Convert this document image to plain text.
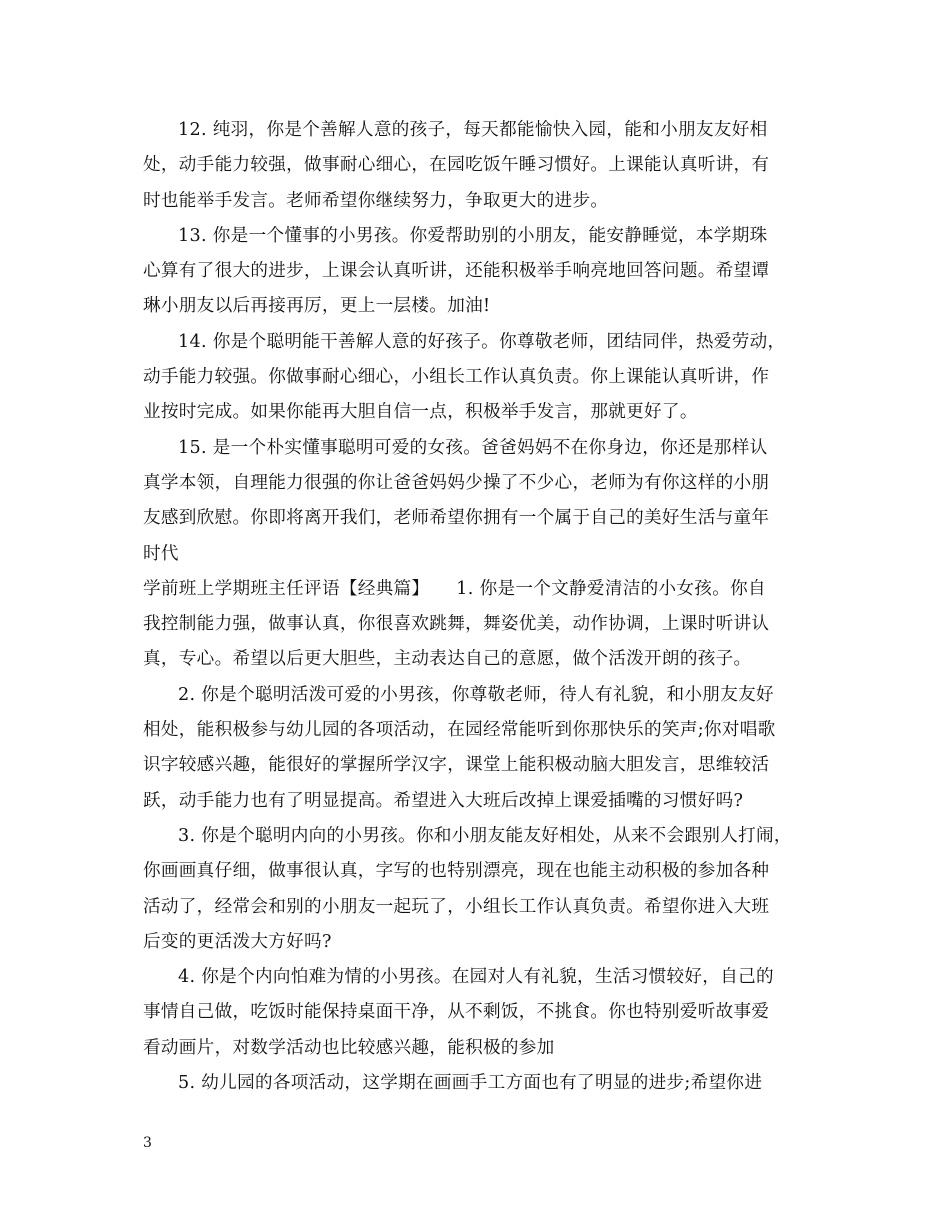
12. 纯羽，你是个善解人意的孩子，每天都能愉快入园，能和小朋友友好相
处，动手能力较强，做事耐心细心，在园吃饭午睡习惯好。上课能认真听讲，有
时也能举手发言。老师希望你继续努力，争取更大的进步。
13. 你是一个懂事的小男孩。你爱帮助别的小朋友，能安静睡觉，本学期珠
心算有了很大的进步，上课会认真听讲，还能积极举手响亮地回答问题。希望谭
琳小朋友以后再接再厉，更上一层楼。加油!
14. 你是个聪明能干善解人意的好孩子。你尊敬老师，团结同伴，热爱劳动，
动手能力较强。你做事耐心细心，小组长工作认真负责。你上课能认真听讲，作
业按时完成。如果你能再大胆自信一点，积极举手发言，那就更好了。
15. 是一个朴实懂事聪明可爱的女孩。爸爸妈妈不在你身边，你还是那样认
真学本领，自理能力很强的你让爸爸妈妈少操了不少心，老师为有你这样的小朋
友感到欣慰。你即将离开我们，老师希望你拥有一个属于自己的美好生活与童年
时代
学前班上学期班主任评语【经典篇】　　1. 你是一个文静爱清洁的小女孩。你自
我控制能力强，做事认真，你很喜欢跳舞，舞姿优美，动作协调，上课时听讲认
真，专心。希望以后更大胆些，主动表达自己的意愿，做个活泼开朗的孩子。
2. 你是个聪明活泼可爱的小男孩，你尊敬老师，待人有礼貌，和小朋友友好
相处，能积极参与幼儿园的各项活动，在园经常能听到你那快乐的笑声;你对唱歌
识字较感兴趣，能很好的掌握所学汉字，课堂上能积极动脑大胆发言，思维较活
跃，动手能力也有了明显提高。希望进入大班后改掉上课爱插嘴的习惯好吗?
3. 你是个聪明内向的小男孩。你和小朋友能友好相处，从来不会跟别人打闹，
你画画真仔细，做事很认真，字写的也特别漂亮，现在也能主动积极的参加各种
活动了，经常会和别的小朋友一起玩了，小组长工作认真负责。希望你进入大班
后变的更活泼大方好吗?
4. 你是个内向怕难为情的小男孩。在园对人有礼貌，生活习惯较好，自己的
事情自己做，吃饭时能保持桌面干净，从不剩饭，不挑食。你也特别爱听故事爱
看动画片，对数学活动也比较感兴趣，能积极的参加
5. 幼儿园的各项活动，这学期在画画手工方面也有了明显的进步;希望你进
3
